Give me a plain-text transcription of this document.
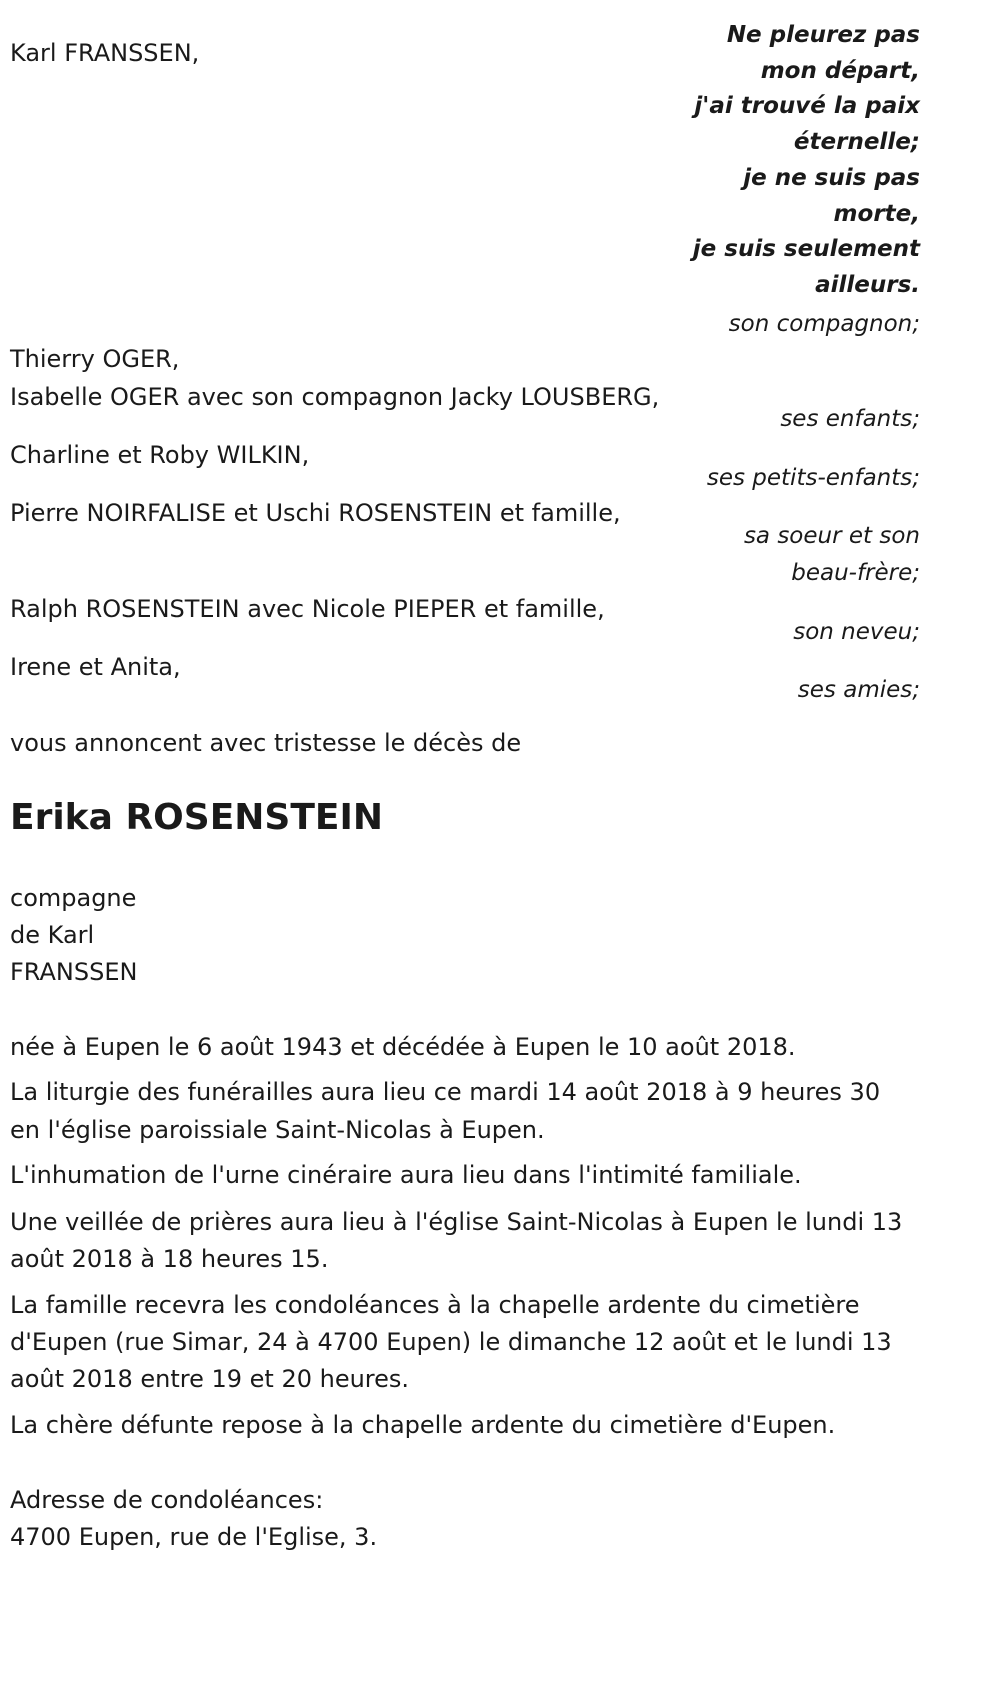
Karl FRANSSEN,

Ne pleurez pas
mon départ,
j'ai trouvé la paix
éternelle;
je ne suis pas
morte,
je suis seulement
ailleurs.

son compagnon;

Thierry OGER,

Isabelle OGER avec son compagnon Jacky LOUSBERG,

ses enfants;

Charline et Roby WILKIN,

ses petits-enfants;

Pierre NOIRFALISE et Uschi ROSENSTEIN et famille,

sa soeur et son

beau-frère;

Ralph ROSENSTEIN avec Nicole PIEPER et famille,

son neveu;

Irene et Anita,

ses amies;

vous annoncent avec tristesse le décès de

Erika ROSENSTEIN

compagne

de Karl

FRANSSEN

née à Eupen le 6 août 1943 et décédée à Eupen le 10 août 2018.

La liturgie des funérailles aura lieu ce mardi 14 août 2018 à 9 heures 30

en l'église paroissiale Saint-Nicolas à Eupen.

L'inhumation de l'urne cinéraire aura lieu dans l'intimité familiale.

Une veillée de prières aura lieu à l'église Saint-Nicolas à Eupen le lundi 13

août 2018 à 18 heures 15.

La famille recevra les condoléances à la chapelle ardente du cimetière

d'Eupen (rue Simar, 24 à 4700 Eupen) le dimanche 12 août et le lundi 13

août 2018 entre 19 et 20 heures.

La chère défunte repose à la chapelle ardente du cimetière d'Eupen.

Adresse de condoléances:

4700 Eupen, rue de l'Eglise, 3.
